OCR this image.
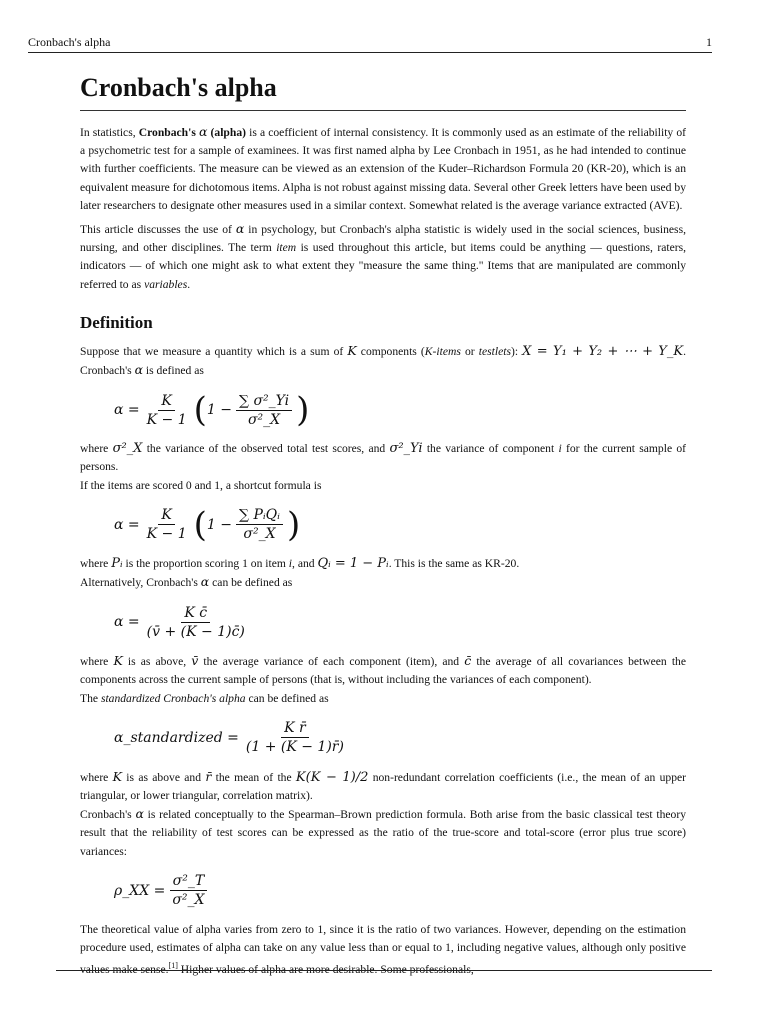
Cronbach's alpha	1
Cronbach's alpha

In statistics, Cronbach's α (alpha) is a coefficient of internal consistency. It is commonly used as an estimate of the reliability of a psychometric test for a sample of examinees. It was first named alpha by Lee Cronbach in 1951, as he had intended to continue with further coefficients. The measure can be viewed as an extension of the Kuder–Richardson Formula 20 (KR-20), which is an equivalent measure for dichotomous items. Alpha is not robust against missing data. Several other Greek letters have been used by later researchers to designate other measures used in a similar context. Somewhat related is the average variance extracted (AVE).

This article discusses the use of α in psychology, but Cronbach's alpha statistic is widely used in the social sciences, business, nursing, and other disciplines. The term item is used throughout this article, but items could be anything — questions, raters, indicators — of which one might ask to what extent they "measure the same thing." Items that are manipulated are commonly referred to as variables.

Definition

Suppose that we measure a quantity which is a sum of K components (K-items or testlets): X = Y₁ + Y₂ + ⋯ + Y_K. Cronbach's α is defined as

$\alpha = \frac{K}{K - 1}$ ( $1 - \frac{\text{∑ σ²\_Yi}}{\text{σ²\_X}}$ )

where σ²_X the variance of the observed total test scores, and σ²_Yi the variance of component i for the current sample of persons.

If the items are scored 0 and 1, a shortcut formula is

$\alpha = \frac{K}{K - 1}$ ( $1 - \frac{\text{∑ PᵢQᵢ}}{\text{σ²\_X}}$ )

where Pᵢ is the proportion scoring 1 on item i, and Qᵢ = 1 − Pᵢ. This is the same as KR-20.

Alternatively, Cronbach's α can be defined as

$\alpha = \frac{\text{K c̄}}{(v̄ + (K - 1)c̄)}$

where K is as above, v̄ the average variance of each component (item), and c̄ the average of all covariances between the components across the current sample of persons (that is, without including the variances of each component).

The standardized Cronbach's alpha can be defined as

α_standardized = $\frac{\text{K r̄}}{(1 + (K - 1)r̄)}$

where K is as above and r̄ the mean of the K(K − 1)/2 non-redundant correlation coefficients (i.e., the mean of an upper triangular, or lower triangular, correlation matrix).

Cronbach's α is related conceptually to the Spearman–Brown prediction formula. Both arise from the basic classical test theory result that the reliability of test scores can be expressed as the ratio of the true-score and total-score (error plus true score) variances:

ρ_XX = $\frac{\text{σ²\_T}}{\text{σ²\_X}}$

The theoretical value of alpha varies from zero to 1, since it is the ratio of two variances. However, depending on the estimation procedure used, estimates of alpha can take on any value less than or equal to 1, including negative values, although only positive values make sense.[1] Higher values of alpha are more desirable. Some professionals,
